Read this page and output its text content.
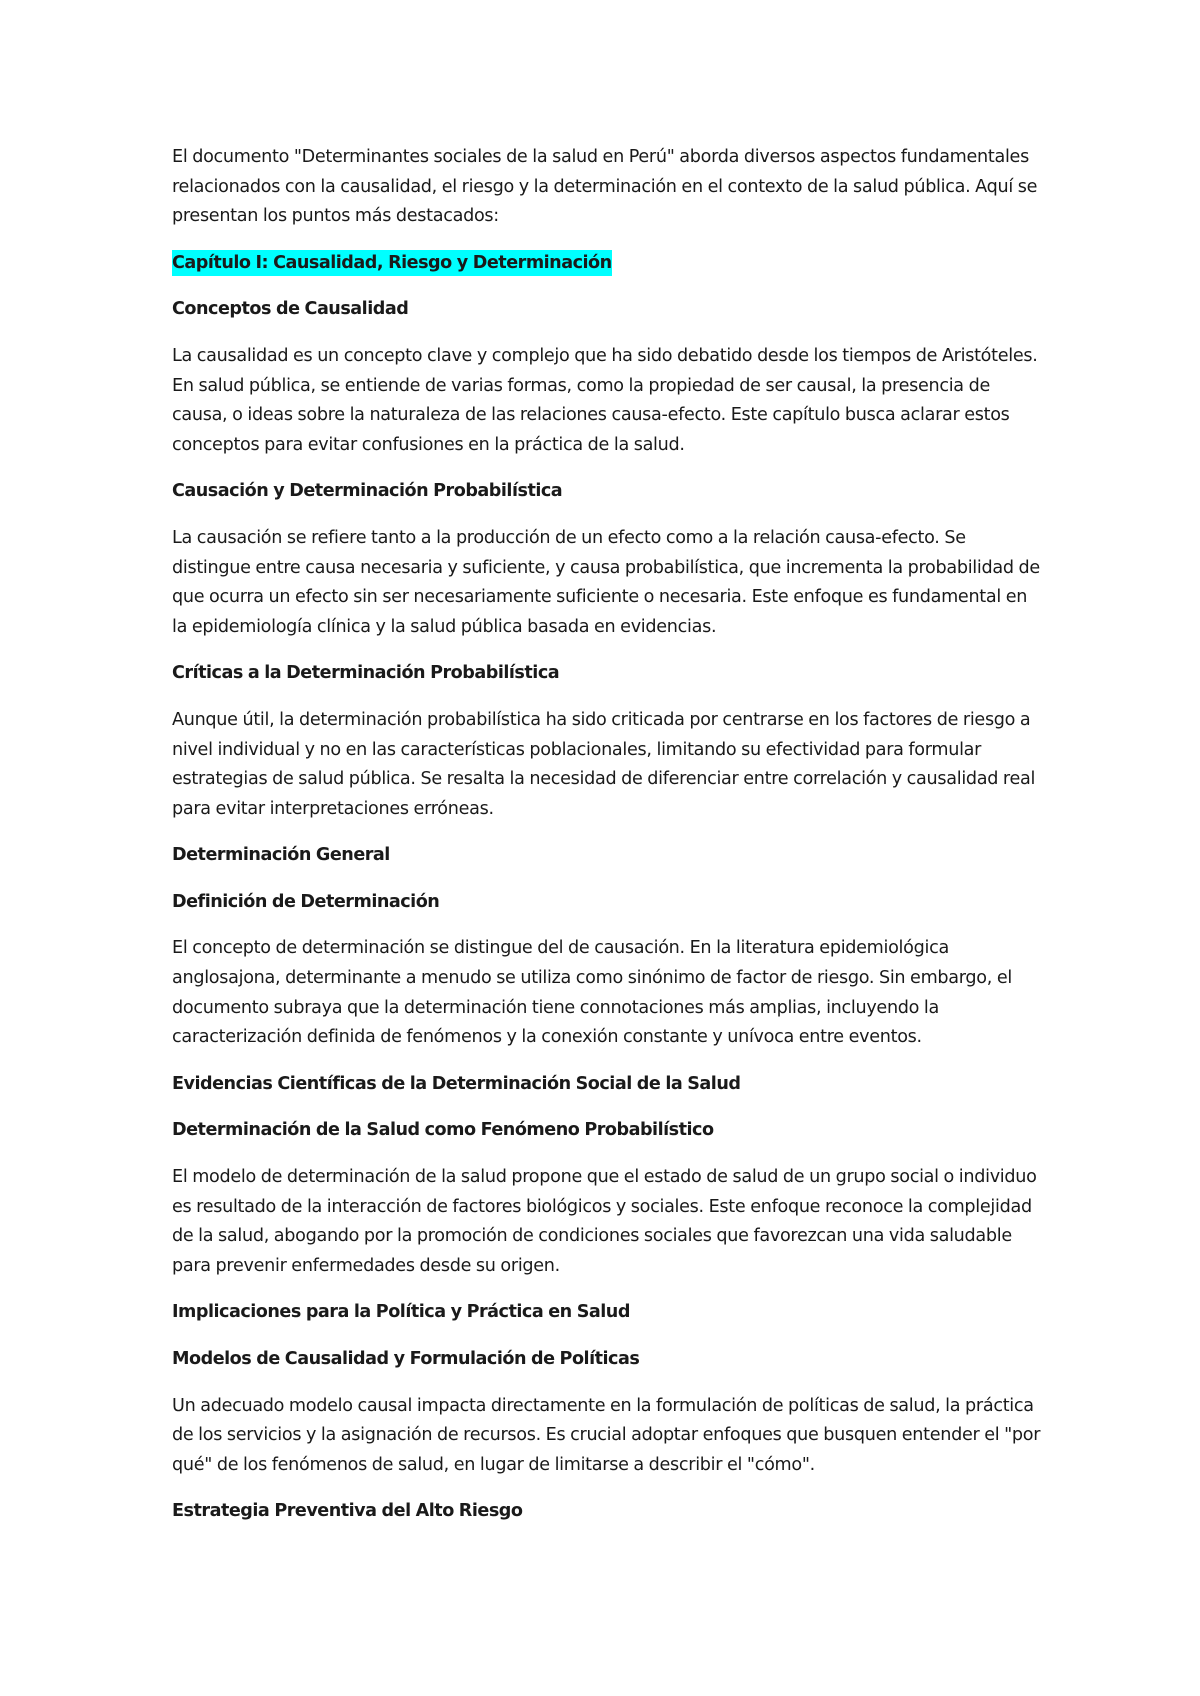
El documento "Determinantes sociales de la salud en Perú" aborda diversos aspectos fundamentales relacionados con la causalidad, el riesgo y la determinación en el contexto de la salud pública. Aquí se presentan los puntos más destacados:

Capítulo I: Causalidad, Riesgo y Determinación

Conceptos de Causalidad

La causalidad es un concepto clave y complejo que ha sido debatido desde los tiempos de Aristóteles. En salud pública, se entiende de varias formas, como la propiedad de ser causal, la presencia de causa, o ideas sobre la naturaleza de las relaciones causa-efecto. Este capítulo busca aclarar estos conceptos para evitar confusiones en la práctica de la salud.

Causación y Determinación Probabilística

La causación se refiere tanto a la producción de un efecto como a la relación causa-efecto. Se distingue entre causa necesaria y suficiente, y causa probabilística, que incrementa la probabilidad de que ocurra un efecto sin ser necesariamente suficiente o necesaria. Este enfoque es fundamental en la epidemiología clínica y la salud pública basada en evidencias.

Críticas a la Determinación Probabilística

Aunque útil, la determinación probabilística ha sido criticada por centrarse en los factores de riesgo a nivel individual y no en las características poblacionales, limitando su efectividad para formular estrategias de salud pública. Se resalta la necesidad de diferenciar entre correlación y causalidad real para evitar interpretaciones erróneas.

Determinación General

Definición de Determinación

El concepto de determinación se distingue del de causación. En la literatura epidemiológica anglosajona, determinante a menudo se utiliza como sinónimo de factor de riesgo. Sin embargo, el documento subraya que la determinación tiene connotaciones más amplias, incluyendo la caracterización definida de fenómenos y la conexión constante y unívoca entre eventos.

Evidencias Científicas de la Determinación Social de la Salud

Determinación de la Salud como Fenómeno Probabilístico

El modelo de determinación de la salud propone que el estado de salud de un grupo social o individuo es resultado de la interacción de factores biológicos y sociales. Este enfoque reconoce la complejidad de la salud, abogando por la promoción de condiciones sociales que favorezcan una vida saludable para prevenir enfermedades desde su origen.

Implicaciones para la Política y Práctica en Salud

Modelos de Causalidad y Formulación de Políticas

Un adecuado modelo causal impacta directamente en la formulación de políticas de salud, la práctica de los servicios y la asignación de recursos. Es crucial adoptar enfoques que busquen entender el "por qué" de los fenómenos de salud, en lugar de limitarse a describir el "cómo".

Estrategia Preventiva del Alto Riesgo
